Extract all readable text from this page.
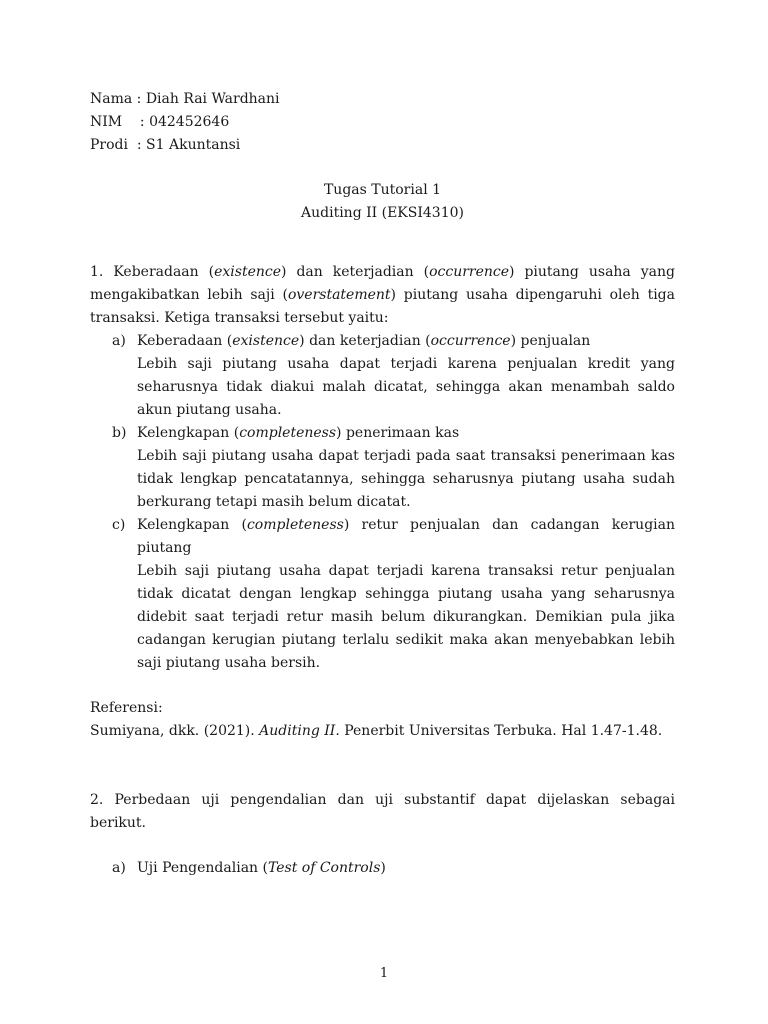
Nama : Diah Rai Wardhani
NIM    : 042452646
Prodi  : S1 Akuntansi
Tugas Tutorial 1
Auditing II (EKSI4310)
1. Keberadaan (existence) dan keterjadian (occurrence) piutang usaha yang mengakibatkan lebih saji (overstatement) piutang usaha dipengaruhi oleh tiga transaksi. Ketiga transaksi tersebut yaitu:
a) Keberadaan (existence) dan keterjadian (occurrence) penjualan
Lebih saji piutang usaha dapat terjadi karena penjualan kredit yang seharusnya tidak diakui malah dicatat, sehingga akan menambah saldo akun piutang usaha.
b) Kelengkapan (completeness) penerimaan kas
Lebih saji piutang usaha dapat terjadi pada saat transaksi penerimaan kas tidak lengkap pencatatannya, sehingga seharusnya piutang usaha sudah berkurang tetapi masih belum dicatat.
c) Kelengkapan (completeness) retur penjualan dan cadangan kerugian piutang
Lebih saji piutang usaha dapat terjadi karena transaksi retur penjualan tidak dicatat dengan lengkap sehingga piutang usaha yang seharusnya didebit saat terjadi retur masih belum dikurangkan. Demikian pula jika cadangan kerugian piutang terlalu sedikit maka akan menyebabkan lebih saji piutang usaha bersih.
Referensi:
Sumiyana, dkk. (2021). Auditing II. Penerbit Universitas Terbuka. Hal 1.47-1.48.
2. Perbedaan uji pengendalian dan uji substantif dapat dijelaskan sebagai berikut.
a) Uji Pengendalian (Test of Controls)
1
